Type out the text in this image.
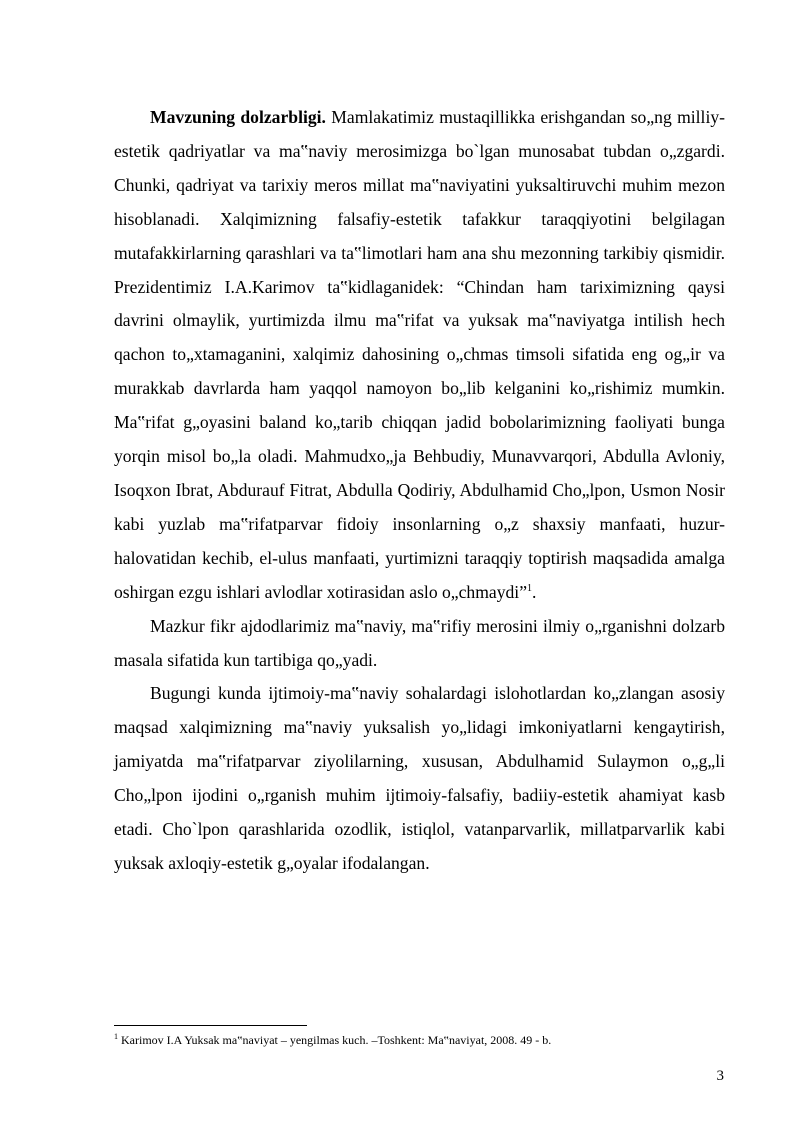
Mavzuning dolzarbligi. Mamlakatimiz mustaqillikka erishgandan so„ng milliy-estetik qadriyatlar va ma‟naviy merosimizga bo`lgan munosabat tubdan o„zgardi. Chunki, qadriyat va tarixiy meros millat ma‟naviyatini yuksaltiruvchi muhim mezon hisoblanadi. Xalqimizning falsafiy-estetik tafakkur taraqqiyotini belgilagan mutafakkirlarning qarashlari va ta‟limotlari ham ana shu mezonning tarkibiy qismidir. Prezidentimiz I.A.Karimov ta‟kidlaganidek: “Chindan ham tariximizning qaysi davrini olmaylik, yurtimizda ilmu ma‟rifat va yuksak ma‟naviyatga intilish hech qachon to„xtamaganini, xalqimiz dahosining o„chmas timsoli sifatida eng og„ir va murakkab davrlarda ham yaqqol namoyon bo„lib kelganini ko„rishimiz mumkin. Ma‟rifat g„oyasini baland ko„tarib chiqqan jadid bobolarimizning faoliyati bunga yorqin misol bo„la oladi. Mahmudxo„ja Behbudiy, Munavvarqori, Abdulla Avloniy, Isoqxon Ibrat, Abdurauf Fitrat, Abdulla Qodiriy, Abdulhamid Cho„lpon, Usmon Nosir kabi yuzlab ma‟rifatparvar fidoiy insonlarning o„z shaxsiy manfaati, huzur-halovatidan kechib, el-ulus manfaati, yurtimizni taraqqiy toptirish maqsadida amalga oshirgan ezgu ishlari avlodlar xotirasidan aslo o„chmaydi”$^1$.

Mazkur fikr ajdodlarimiz ma‟naviy, ma‟rifiy merosini ilmiy o„rganishni dolzarb masala sifatida kun tartibiga qo„yadi.

Bugungi kunda ijtimoiy-ma‟naviy sohalardagi islohotlardan ko„zlangan asosiy maqsad xalqimizning ma‟naviy yuksalish yo„lidagi imkoniyatlarni kengaytirish, jamiyatda ma‟rifatparvar ziyolilarning, xususan, Abdulhamid Sulaymon o„g„li Cho„lpon ijodini o„rganish muhim ijtimoiy-falsafiy, badiiy-estetik ahamiyat kasb etadi. Cho`lpon qarashlarida ozodlik, istiqlol, vatanparvarlik, millatparvarlik kabi yuksak axloqiy-estetik g„oyalar ifodalangan.

$^1$ Karimov I.A Yuksak ma‟naviyat – yengilmas kuch. –Toshkent: Ma‟naviyat, 2008. 49 - b.
3
